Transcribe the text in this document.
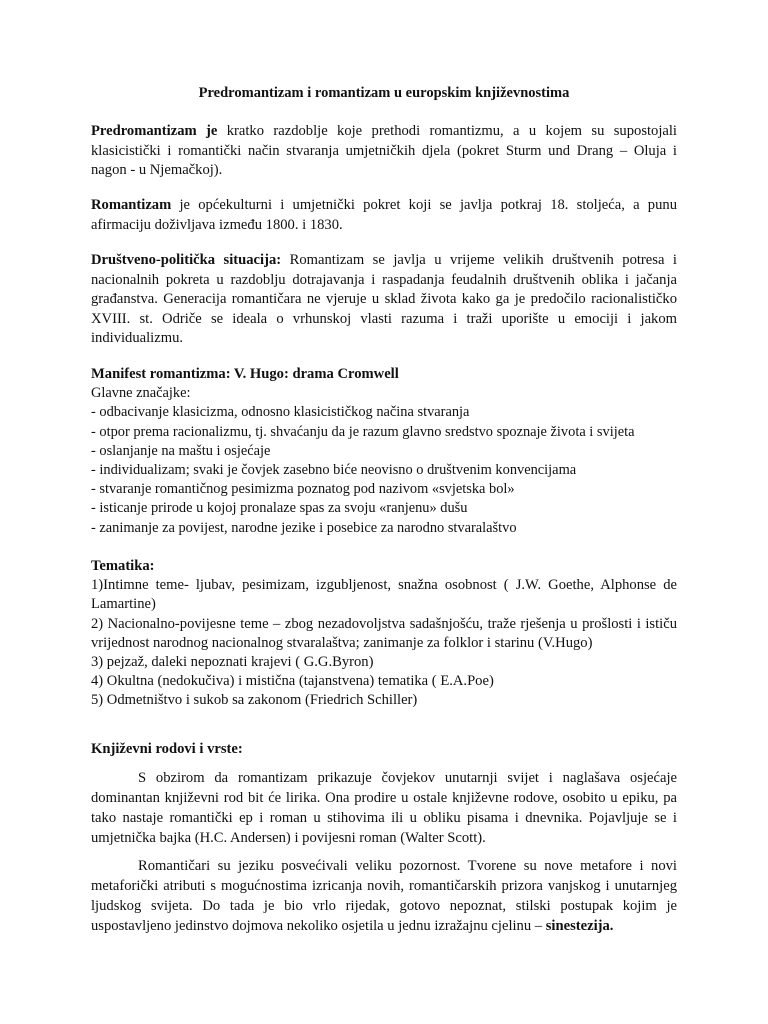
Predromantizam i romantizam u europskim književnostima

Predromantizam je kratko razdoblje koje prethodi romantizmu, a u kojem su supostojali klasicistički i romantički način stvaranja umjetničkih djela (pokret Sturm und Drang – Oluja i nagon - u Njemačkoj).

Romantizam je općekulturni i umjetnički pokret koji se javlja potkraj 18. stoljeća, a punu afirmaciju doživljava između 1800. i 1830.

Društveno-politička situacija: Romantizam se javlja u vrijeme velikih društvenih potresa i nacionalnih pokreta u razdoblju dotrajavanja i raspadanja feudalnih društvenih oblika i jačanja građanstva. Generacija romantičara ne vjeruje u sklad života kako ga je predočilo racionalističko XVIII. st. Odriče se ideala o vrhunskoj vlasti razuma i traži uporište u emociji i jakom individualizmu.

Manifest romantizma: V. Hugo: drama Cromwell
Glavne značajke:
- odbacivanje klasicizma, odnosno klasicističkog načina stvaranja
- otpor prema racionalizmu, tj. shvaćanju da je razum glavno sredstvo spoznaje života i svijeta
- oslanjanje na maštu i osjećaje
- individualizam; svaki je čovjek zasebno biće neovisno o društvenim konvencijama
- stvaranje romantičnog pesimizma poznatog pod nazivom «svjetska bol»
- isticanje prirode u kojoj pronalaze spas za svoju «ranjenu» dušu
- zanimanje za povijest, narodne jezike i posebice za narodno stvaralaštvo
Tematika:

1)Intimne teme- ljubav, pesimizam, izgubljenost, snažna osobnost ( J.W. Goethe, Alphonse de Lamartine)

2) Nacionalno-povijesne teme – zbog nezadovoljstva sadašnjošću, traže rješenja u prošlosti i ističu vrijednost narodnog nacionalnog stvaralaštva; zanimanje za folklor i starinu (V.Hugo)

3) pejzaž, daleki nepoznati krajevi ( G.G.Byron)

4) Okultna (nedokučiva) i mistična (tajanstvena) tematika ( E.A.Poe)

5) Odmetništvo i sukob sa zakonom (Friedrich Schiller)

Književni rodovi i vrste:

S obzirom da romantizam prikazuje čovjekov unutarnji svijet i naglašava osjećaje dominantan književni rod bit će lirika. Ona prodire u ostale književne rodove, osobito u epiku, pa tako nastaje romantički ep i roman u stihovima ili u obliku pisama i dnevnika. Pojavljuje se i umjetnička bajka (H.C. Andersen) i povijesni roman (Walter Scott).

Romantičari su jeziku posvećivali veliku pozornost. Tvorene su nove metafore i novi metaforički atributi s mogućnostima izricanja novih, romantičarskih prizora vanjskog i unutarnjeg ljudskog svijeta. Do tada je bio vrlo rijedak, gotovo nepoznat, stilski postupak kojim je uspostavljeno jedinstvo dojmova nekoliko osjetila u jednu izražajnu cjelinu – sinestezija.
